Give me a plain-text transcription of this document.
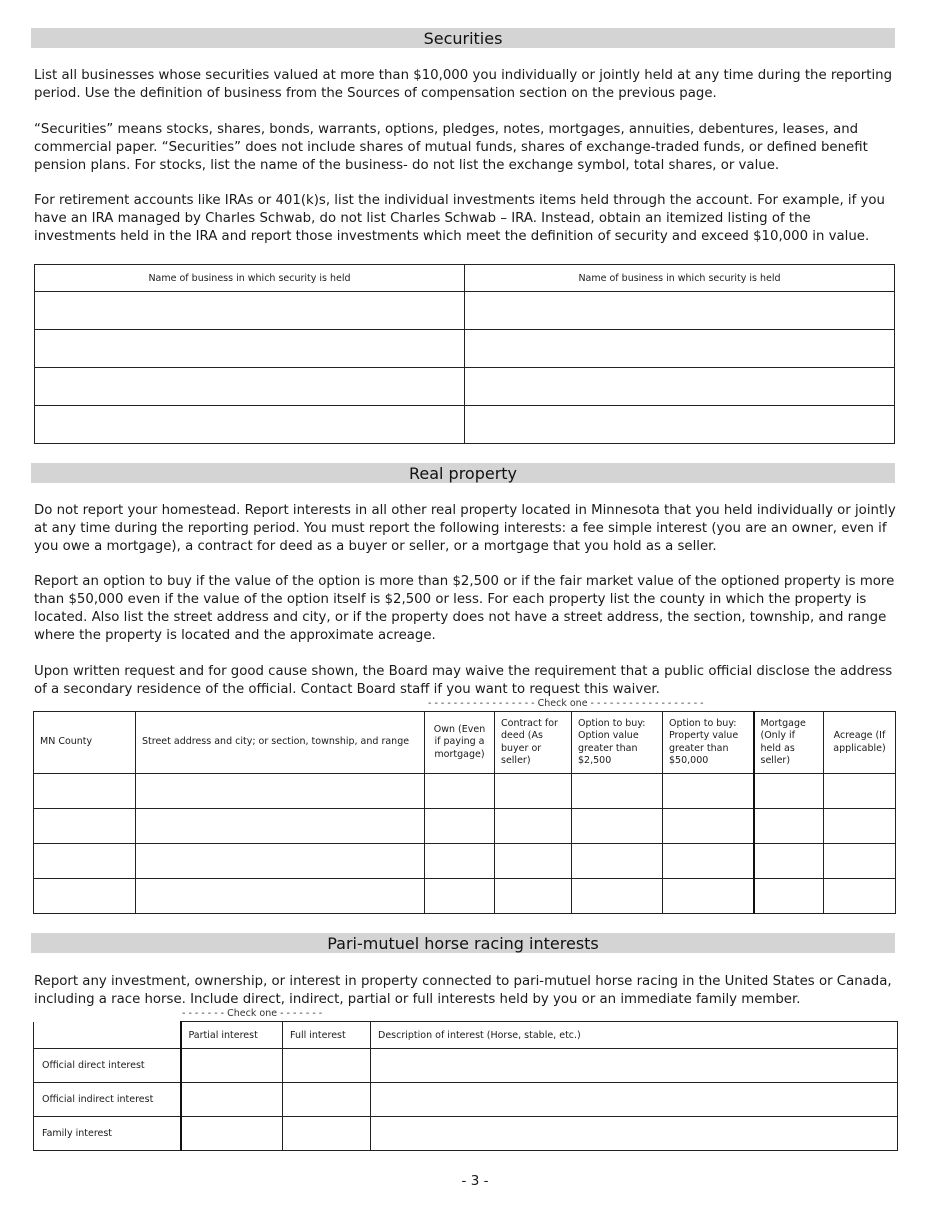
Securities

List all businesses whose securities valued at more than $10,000 you individually or jointly held at any time during the reporting period. Use the definition of business from the Sources of compensation section on the previous page.

“Securities” means stocks, shares, bonds, warrants, options, pledges, notes, mortgages, annuities, debentures, leases, and commercial paper. “Securities” does not include shares of mutual funds, shares of exchange-traded funds, or defined benefit pension plans. For stocks, list the name of the business- do not list the exchange symbol, total shares, or value.

For retirement accounts like IRAs or 401(k)s, list the individual investments items held through the account. For example, if you have an IRA managed by Charles Schwab, do not list Charles Schwab – IRA. Instead, obtain an itemized listing of the investments held in the IRA and report those investments which meet the definition of security and exceed $10,000 in value.

Name of business in which security is held	Name of business in which security is held

Real property

Do not report your homestead. Report interests in all other real property located in Minnesota that you held individually or jointly at any time during the reporting period. You must report the following interests: a fee simple interest (you are an owner, even if you owe a mortgage), a contract for deed as a buyer or seller, or a mortgage that you hold as a seller.

Report an option to buy if the value of the option is more than $2,500 or if the fair market value of the optioned property is more than $50,000 even if the value of the option itself is $2,500 or less. For each property list the county in which the property is located. Also list the street address and city, or if the property does not have a street address, the section, township, and range where the property is located and the approximate acreage.

Upon written request and for good cause shown, the Board may waive the requirement that a public official disclose the address of a secondary residence of the official. Contact Board staff if you want to request this waiver.

- - - - - - - - - - - - - - - - - Check one - - - - - - - - - - - - - - - - - -
MN County	Street address and city; or section, township, and range	Own (Even if paying a mortgage)	Contract for deed (As buyer or seller)	Option to buy: Option value greater than $2,500	Option to buy: Property value greater than $50,000	Mortgage (Only if held as seller)	Acreage (If applicable)

Pari-mutuel horse racing interests

Report any investment, ownership, or interest in property connected to pari-mutuel horse racing in the United States or Canada, including a race horse. Include direct, indirect, partial or full interests held by you or an immediate family member.

- - - - - - - Check one - - - - - - -
	Partial interest	Full interest	Description of interest (Horse, stable, etc.)
Official direct interest			
Official indirect interest			
Family interest			
- 3 -
